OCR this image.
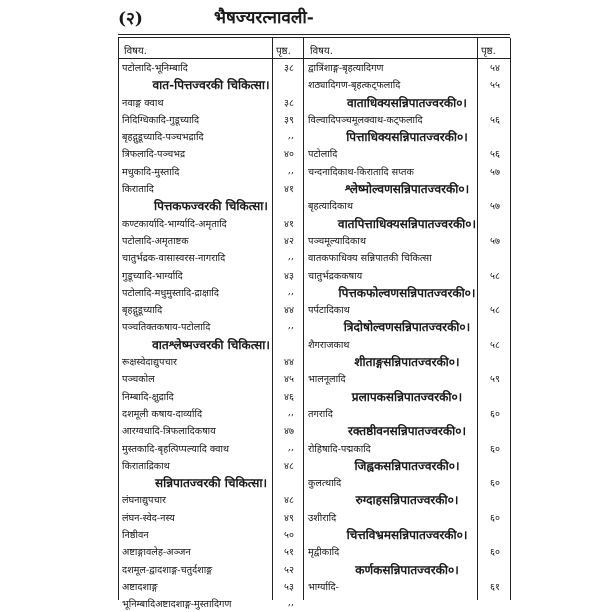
(२)	भैषज्यरत्नावली-
विषय.	पृष्ठ. विषय.	पृष्ठ.
पटोलादि-भूनिम्बादि	३८
वात-पित्तज्वरकी चिकित्सा।
नवाङ्ग क्वाथ	३८
निदिग्धिकादि-गुडूच्यादि	३९
बृहद्गुडूच्यादि-पञ्चभद्रादि	,,
त्रिफलादि-पञ्चभद्र	४०
मधुकादि-मुस्तादि	,,
किरातादि	४१
पित्तकफज्वरकी चिकित्सा।
कण्टकार्यादि-भार्ग्यादि-अमृतादि	४१
पटोलादि-अमृताष्टक	४२
चातुर्भद्रक-वासास्वरस-नागरादि	,,
गुडूच्यादि-भार्ग्यादि	४३
पटोलादि-मधुमुस्तादि-द्राक्षादि	,,
बृहद्गुडूच्यादि	४४
पञ्चतिक्तकषाय-पटोलादि	,,
वातश्लेष्मज्वरकी चिकित्सा।
रूक्षस्वेदाद्युपचार	४४
पञ्चकोल	४५
निम्बादि-क्षुद्रादि	४६
दशमूली कषाय-दार्व्यादि	,,
आरग्वधादि-त्रिफलादिकषाय	४७
मुस्तकादि-बृहत्पिप्पल्यादि क्वाथ	,,
किराताद्रिकाथ	४८
सन्निपातज्वरकी चिकित्सा।
लंघनाद्युपचार	४८
लंघन-स्वेद-नस्य	४९
निष्ठीवन	५०
अष्टाङ्गावलेह-अञ्जन	५१
दशमूल-द्वादशाङ्ग-चतुर्दशाङ्ग	५२
अष्टादशाङ्ग	५३
भूनिम्बादिअष्टादशाङ्ग-मुस्तादिगण	,,
द्वात्रिंशाङ्ग-बृहत्यादिगण	५४
शठ्यादिगण-बृहत्कट्फलादि	५५
वाताधिक्यसन्निपातज्वरकी०।
विल्वादिपञ्चमूलक्वाथ-कट्फलादि	५६
पित्ताधिक्यसन्निपातज्वरकी०।
पटोलादि	५६
चन्दनादिकाथ-किरातादि सप्तक	५७
श्लेष्मोल्वणसन्निपातज्वरकी०।
बृहत्यादिकाथ	५७
वातपित्ताधिक्यसन्निपातज्वरकी०।
पञ्चमूल्यादिकाथ	५७
वातकफाधिक्य सन्निपातकी चिकित्सा
चातुर्भद्रककषाय	५८
पित्तकफोल्वणसन्निपातज्वरकी०।
पर्पटादिकाथ	५८
त्रिदोषोल्वणसन्निपातज्वरकी०।
शैगराजकाथ	५८
शीताङ्गसन्निपातज्वरकी०।
भालनूलादि	५९
प्रलापकसन्निपातज्वरकी०।
तगरादि	६०
रक्तष्ठीवनसन्निपातज्वरकी०।
रोहिषादि-पद्मकादि	६०
जिह्वकसन्निपातज्वरकी०।
कुलत्थादि	६०
रुग्दाहसन्निपातज्वरकी०।
उशीरादि	६०
चित्तविभ्रमसन्निपातज्वरकी०।
मृद्वीकादि	६०
कर्णकसन्निपातज्वरकी०।
भार्ग्यादि-	६१
